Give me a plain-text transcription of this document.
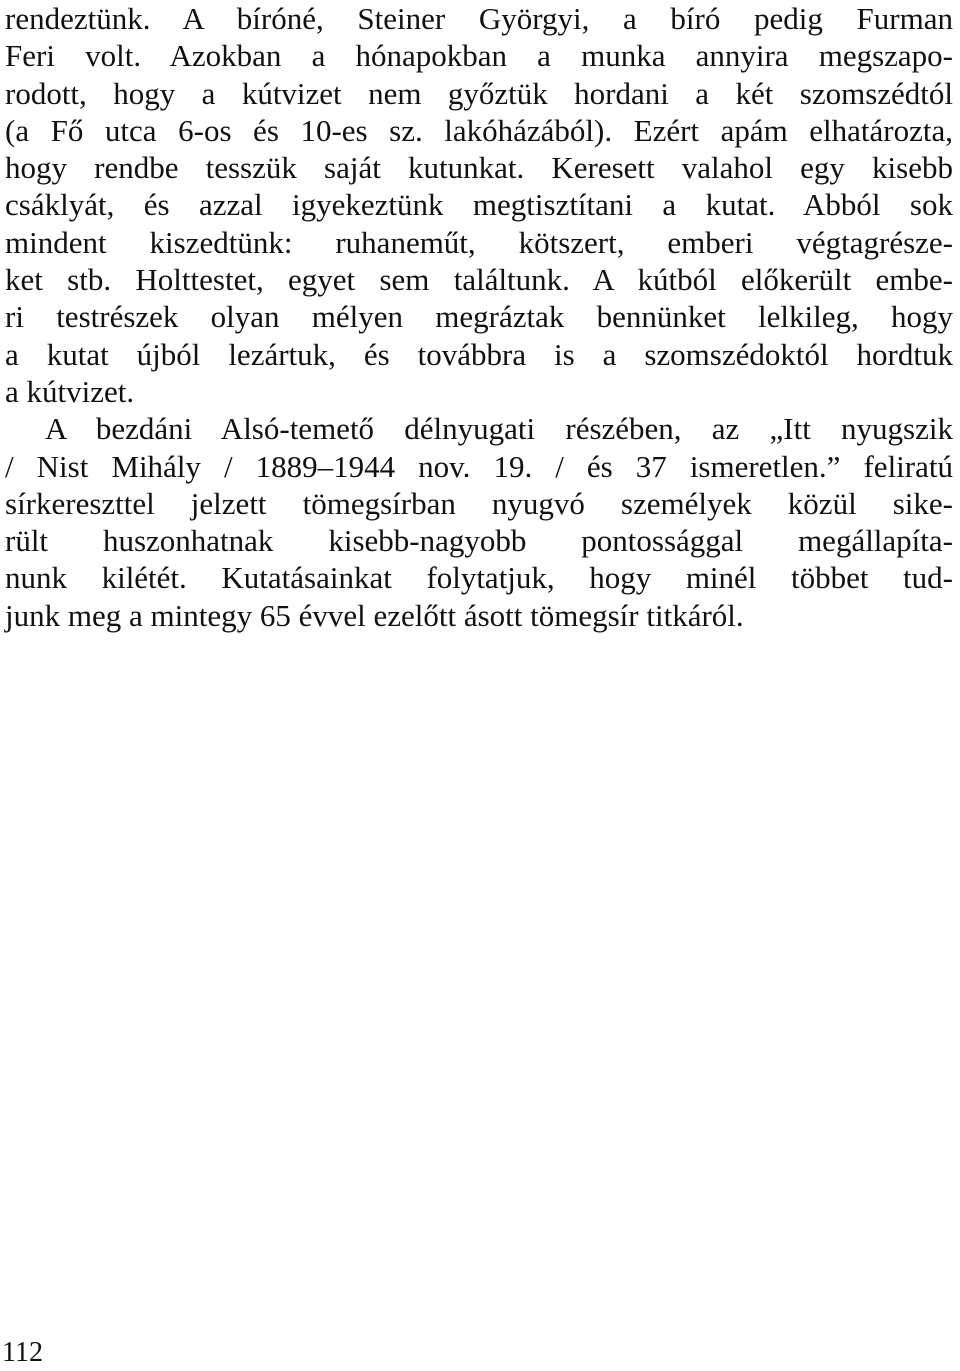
rendeztünk. A bíróné, Steiner Györgyi, a bíró pedig Furman
Feri volt. Azokban a hónapokban a munka annyira megszapo-
rodott, hogy a kútvizet nem győztük hordani a két szomszédtól
(a Fő utca 6-os és 10-es sz. lakóházából). Ezért apám elhatározta,
hogy rendbe tesszük saját kutunkat. Keresett valahol egy kisebb
csáklyát, és azzal igyekeztünk megtisztítani a kutat. Abból sok
mindent kiszedtünk: ruhaneműt, kötszert, emberi végtagrésze-
ket stb. Holttestet, egyet sem találtunk. A kútból előkerült embe-
ri testrészek olyan mélyen megráztak bennünket lelkileg, hogy
a kutat újból lezártuk, és továbbra is a szomszédoktól hordtuk
a kútvizet.
A bezdáni Alsó-temető délnyugati részében, az „Itt nyugszik
/ Nist Mihály / 1889–1944 nov. 19. / és 37 ismeretlen.” feliratú
sírkereszttel jelzett tömegsírban nyugvó személyek közül sike-
rült huszonhatnak kisebb-nagyobb pontossággal megállapíta-
nunk kilétét. Kutatásainkat folytatjuk, hogy minél többet tud-
junk meg a mintegy 65 évvel ezelőtt ásott tömegsír titkáról.
112
